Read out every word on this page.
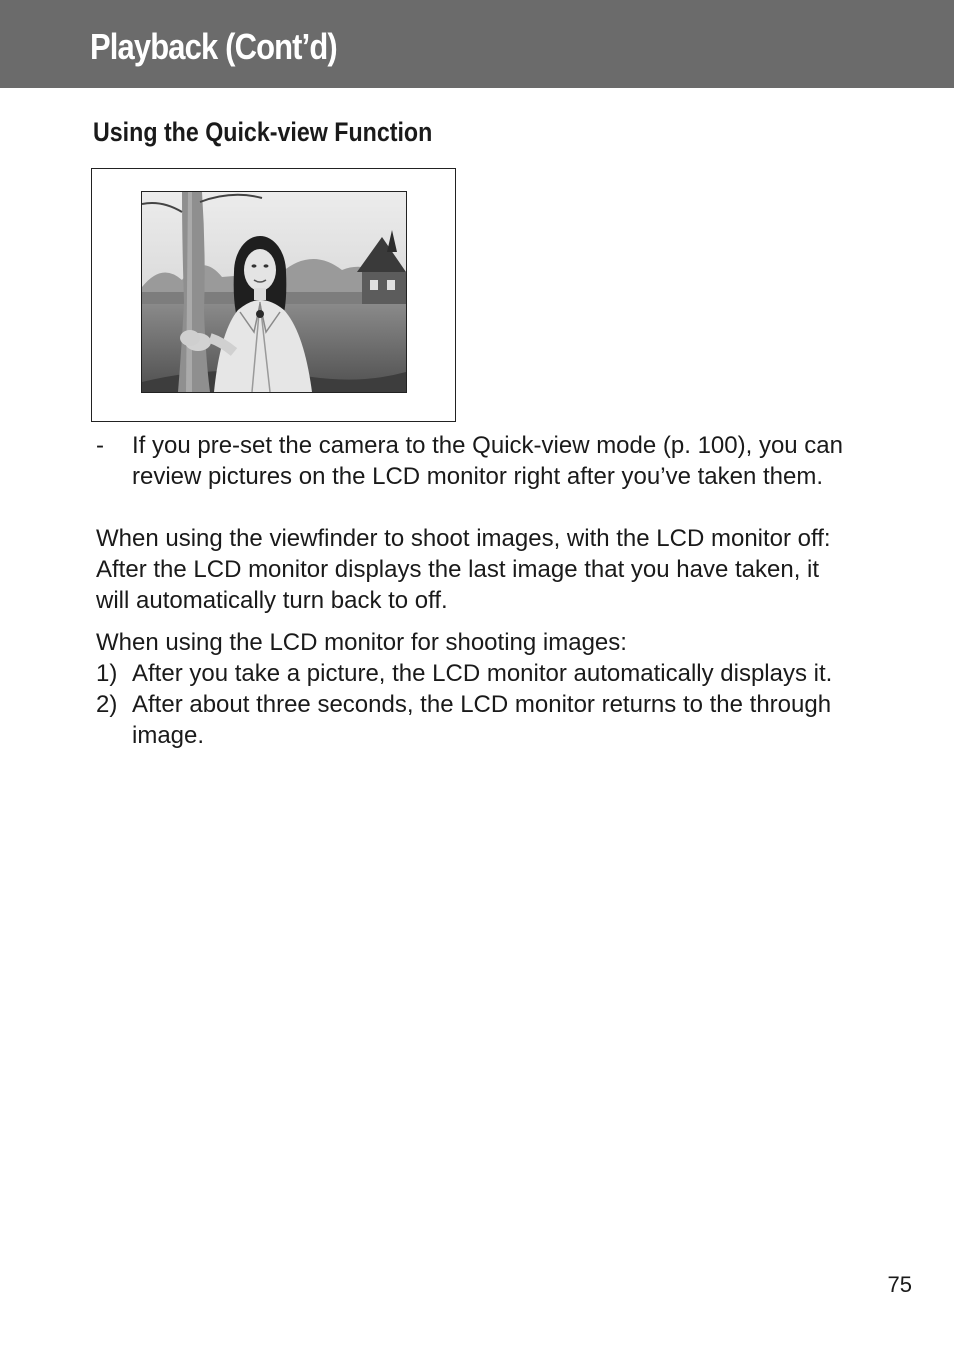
Playback (Cont’d)
Using the Quick-view Function
- If you pre-set the camera to the Quick-view mode (p. 100), you can
review pictures on the LCD monitor right after you’ve taken them.
When using the viewfinder to shoot images, with the LCD monitor off:
After the LCD monitor displays the last image that you have taken, it
will automatically turn back to off.
When using the LCD monitor for shooting images:
1) After you take a picture, the LCD monitor automatically displays it.
2) After about three seconds, the LCD monitor returns to the through
image.
75
